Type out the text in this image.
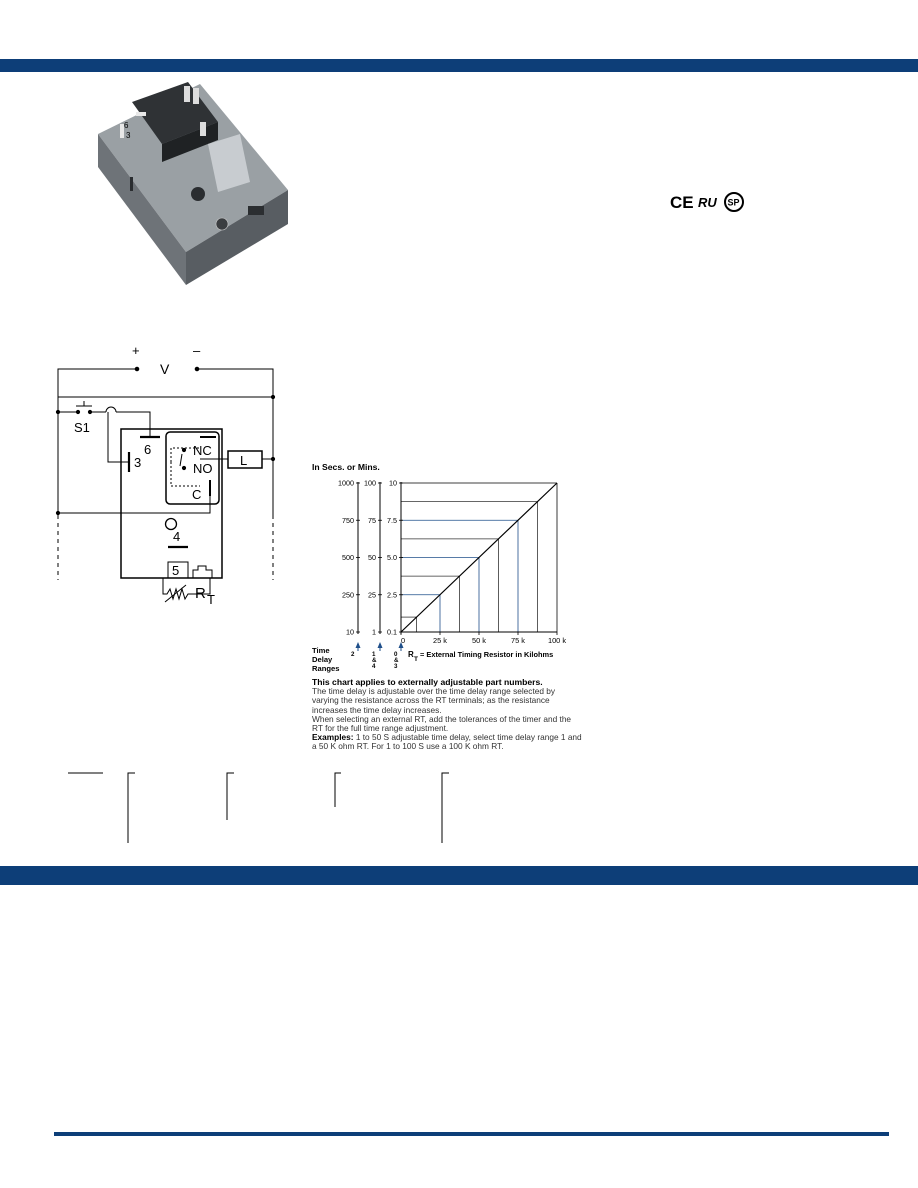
3
6
CE RU SP
+	–
V
S1
6
3
NC
NO
C
L
4
5
R T
In Secs. or Mins.
1000
750
500
250
10
100
75
50
25
1
10
7.5
5.0
2.5
0.1
0	25 k	50 k	75 k	100 k
Time
Delay
Ranges
2	1
&
4
0
&
3
R
T
= External Timing Resistor in Kilohms

This chart applies to externally adjustable part numbers.

The time delay is adjustable over the time delay range selected by varying the resistance across the RT terminals; as the resistance increases the time delay increases.

When selecting an external RT, add the tolerances of the timer and the RT for the full time range adjustment.

Examples: 1 to 50 S adjustable time delay, select time delay range 1 and a 50 K ohm RT. For 1 to 100 S use a 100 K ohm RT.
